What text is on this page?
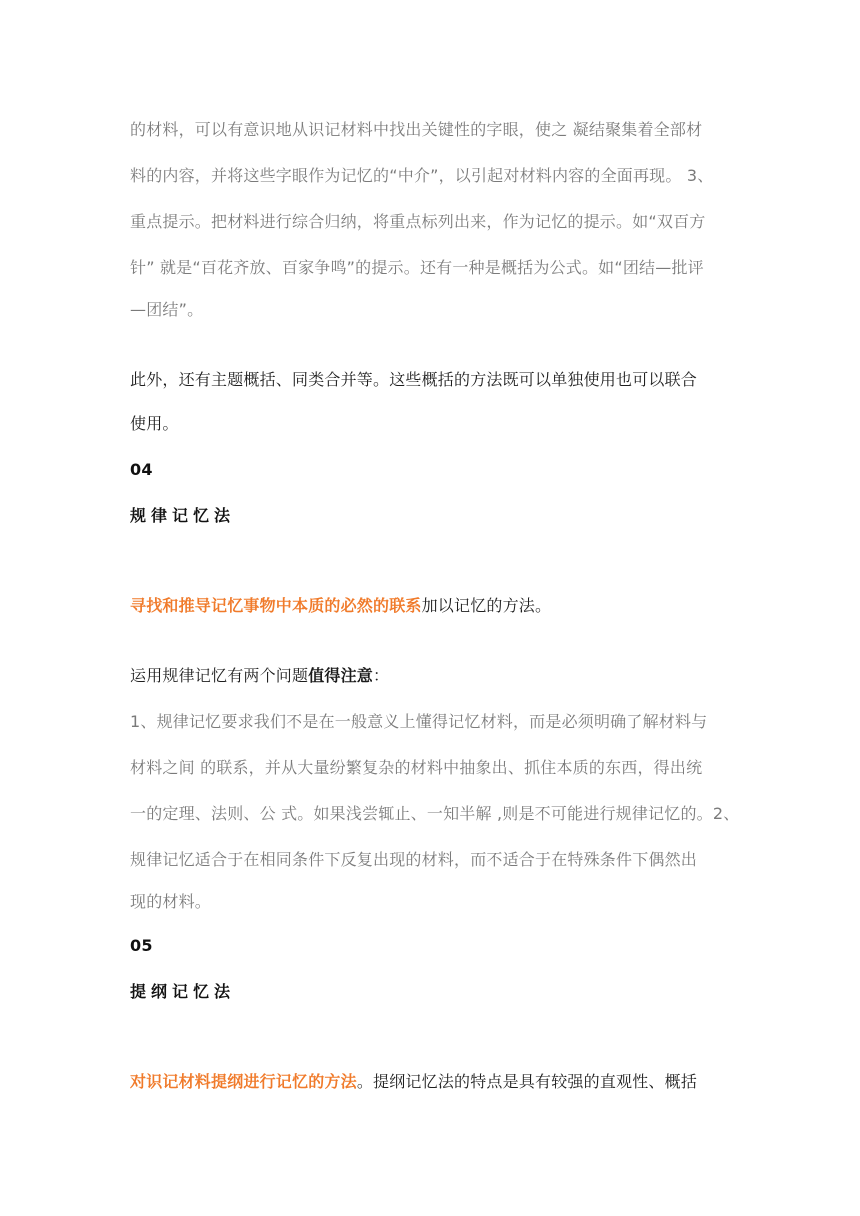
的材料，可以有意识地从识记材料中找出关键性的字眼，使之 凝结聚集着全部材
料的内容，并将这些字眼作为记忆的“中介”，以引起对材料内容的全面再现。 3、
重点提示。把材料进行综合归纳，将重点标列出来，作为记忆的提示。如“双百方
针” 就是“百花齐放、百家争鸣”的提示。还有一种是概括为公式。如“团结—批评
—团结”。
此外，还有主题概括、同类合并等。这些概括的方法既可以单独使用也可以联合
使用。
04
规律记忆法
寻找和推导记忆事物中本质的必然的联系加以记忆的方法。
运用规律记忆有两个问题值得注意：
1、规律记忆要求我们不是在一般意义上懂得记忆材料，而是必须明确了解材料与
材料之间 的联系，并从大量纷繁复杂的材料中抽象出、抓住本质的东西，得出统
一的定理、法则、公 式。如果浅尝辄止、一知半解 ,则是不可能进行规律记忆的。2、
规律记忆适合于在相同条件下反复出现的材料，而不适合于在特殊条件下偶然出
现的材料。
05
提纲记忆法
对识记材料提纲进行记忆的方法。提纲记忆法的特点是具有较强的直观性、概括
